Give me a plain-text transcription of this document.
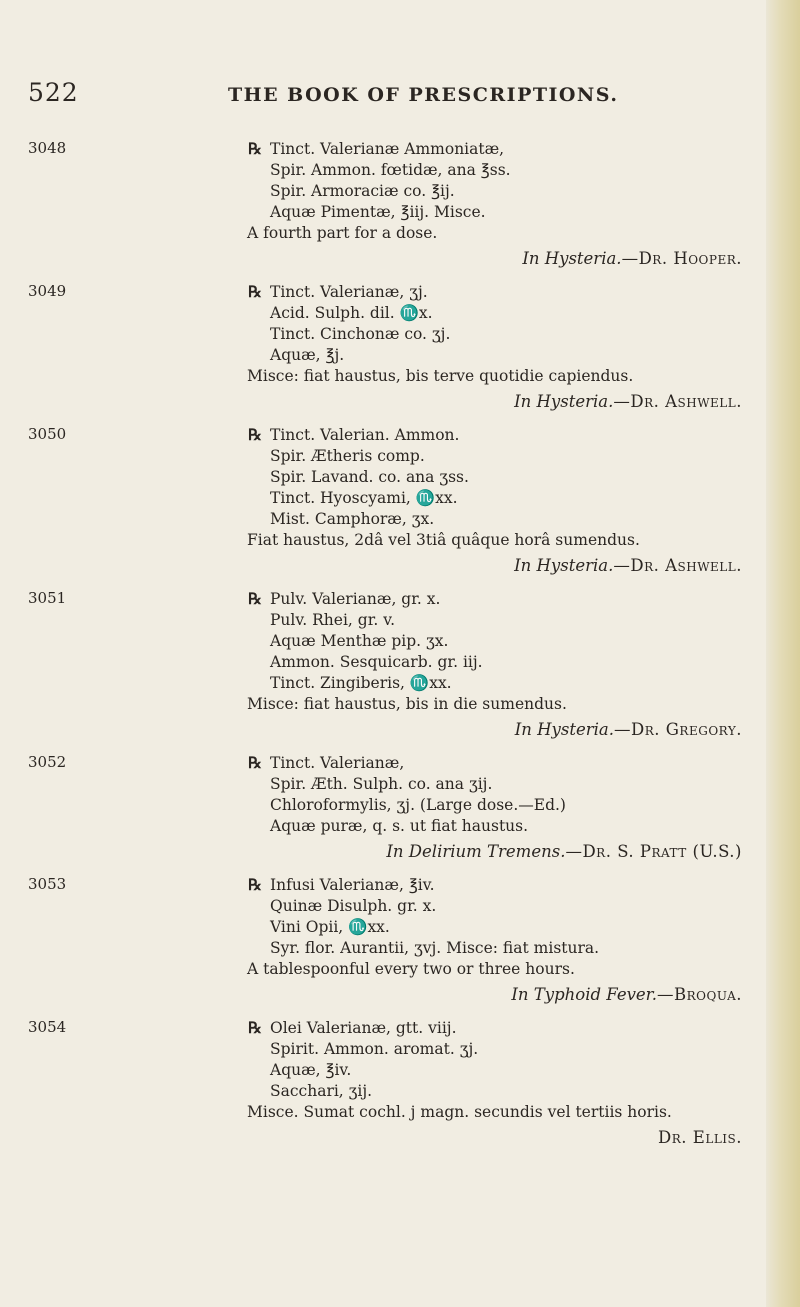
522	THE BOOK OF PRESCRIPTIONS.
3048	℞ Tinct. Valerianæ Ammoniatæ,
Spir. Ammon. fœtidæ, ana ℥ss.
Spir. Armoraciæ co. ℥ij.
Aquæ Pimentæ, ℥iij. Misce.
A fourth part for a dose.
In Hysteria.—Dr. Hooper.
3049	℞ Tinct. Valerianæ, ʒj.
Acid. Sulph. dil. ♏x.
Tinct. Cinchonæ co. ʒj.
Aquæ, ℥j.
Misce: fiat haustus, bis terve quotidie capiendus.
In Hysteria.—Dr. Ashwell.
3050	℞ Tinct. Valerian. Ammon.
Spir. Ætheris comp.
Spir. Lavand. co. ana ʒss.
Tinct. Hyoscyami, ♏xx.
Mist. Camphoræ, ʒx.
Fiat haustus, 2dâ vel 3tiâ quâque horâ sumendus.
In Hysteria.—Dr. Ashwell.
3051	℞ Pulv. Valerianæ, gr. x.
Pulv. Rhei, gr. v.
Aquæ Menthæ pip. ʒx.
Ammon. Sesquicarb. gr. iij.
Tinct. Zingiberis, ♏xx.
Misce: fiat haustus, bis in die sumendus.
In Hysteria.—Dr. Gregory.
3052	℞ Tinct. Valerianæ,
Spir. Æth. Sulph. co. ana ʒij.
Chloroformylis, ʒj. (Large dose.—Ed.)
Aquæ puræ, q. s. ut fiat haustus.
In Delirium Tremens.—Dr. S. Pratt (U.S.)
3053	℞ Infusi Valerianæ, ℥iv.
Quinæ Disulph. gr. x.
Vini Opii, ♏xx.
Syr. flor. Aurantii, ʒvj. Misce: fiat mistura.
A tablespoonful every two or three hours.
In Typhoid Fever.—Broqua.
3054	℞ Olei Valerianæ, gtt. viij.
Spirit. Ammon. aromat. ʒj.
Aquæ, ℥iv.
Sacchari, ʒij.
Misce. Sumat cochl. j magn. secundis vel tertiis horis.
Dr. Ellis.
